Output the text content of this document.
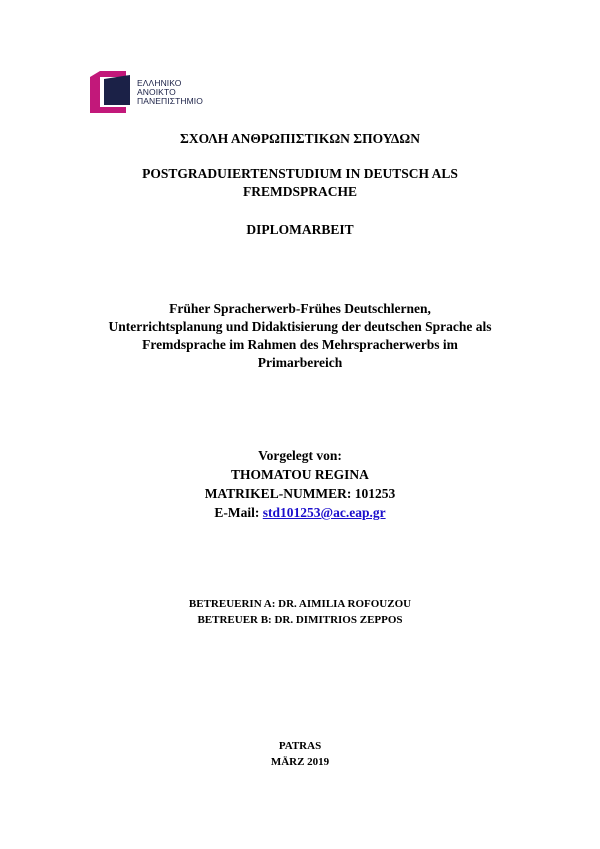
ΕΛΛΗΝΙΚΟ
ΑΝΟΙΚΤΟ
ΠΑΝΕΠΙΣΤΗΜΙΟ
ΣΧΟΛΗ ΑΝΘΡΩΠΙΣΤΙΚΩΝ ΣΠΟΥΔΩΝ
POSTGRADUIERTENSTUDIUM IN DEUTSCH ALS
FREMDSPRACHE
DIPLOMARBEIT
Früher Spracherwerb-Frühes Deutschlernen,
Unterrichtsplanung und Didaktisierung der deutschen Sprache als
Fremdsprache im Rahmen des Mehrspracherwerbs im
Primarbereich
Vorgelegt von:
THOMATOU REGINA
MATRIKEL-NUMMER: 101253
E-Mail: std101253@ac.eap.gr
BETREUERIN A: DR. AIMILIA ROFOUZOU
BETREUER B: DR. DIMITRIOS ZEPPOS
PATRAS
MÄRZ 2019
